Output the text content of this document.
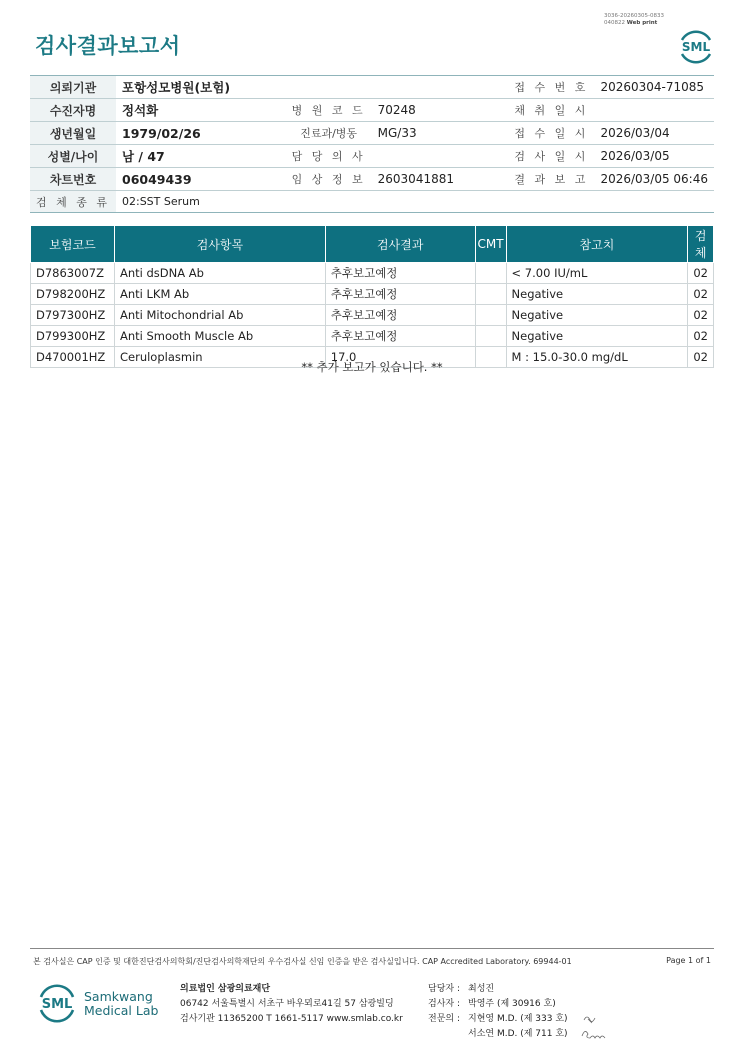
검사결과보고서
3036-20260305-0833
040822 Web print
SML
의뢰기관	포항성모병원(보험)			접 수 번 호	20260304-71085
수진자명	정석화	병 원 코 드	70248	채 취 일 시	
생년월일	1979/02/26	진료과/병동	MG/33	접 수 일 시	2026/03/04
성별/나이	남 / 47	담 당 의 사		검 사 일 시	2026/03/05
차트번호	06049439	임 상 정 보	2603041881	결 과 보 고	2026/03/05 06:46
검 체 종 류	02:SST Serum				
보험코드	검사항목	검사결과	CMT	참고치	검체
D7863007Z	Anti dsDNA Ab	추후보고예정		< 7.00 IU/mL	02
D798200HZ	Anti LKM Ab	추후보고예정		Negative	02
D797300HZ	Anti Mitochondrial Ab	추후보고예정		Negative	02
D799300HZ	Anti Smooth Muscle Ab	추후보고예정		Negative	02
D470001HZ	Ceruloplasmin	17.0		M : 15.0-30.0 mg/dL	02
** 추가 보고가 있습니다. **
본 검사실은 CAP 인증 및 대한진단검사의학회/진단검사의학재단의 우수검사실 신임 인증을 받은 검사실입니다. CAP Accredited Laboratory. 69944-01	Page 1 of 1
SML
Samkwang
Medical Lab
의료법인 삼광의료재단
06742 서울특별시 서초구 바우뫼로41길 57 삼광빌딩
검사기관 11365200 T 1661-5117 www.smlab.co.kr
담당자 : 최성진
검사자 : 박영주 (제 30916 호)
전문의 : 지현영 M.D. (제 333 호)
서소연 M.D. (제 711 호)
